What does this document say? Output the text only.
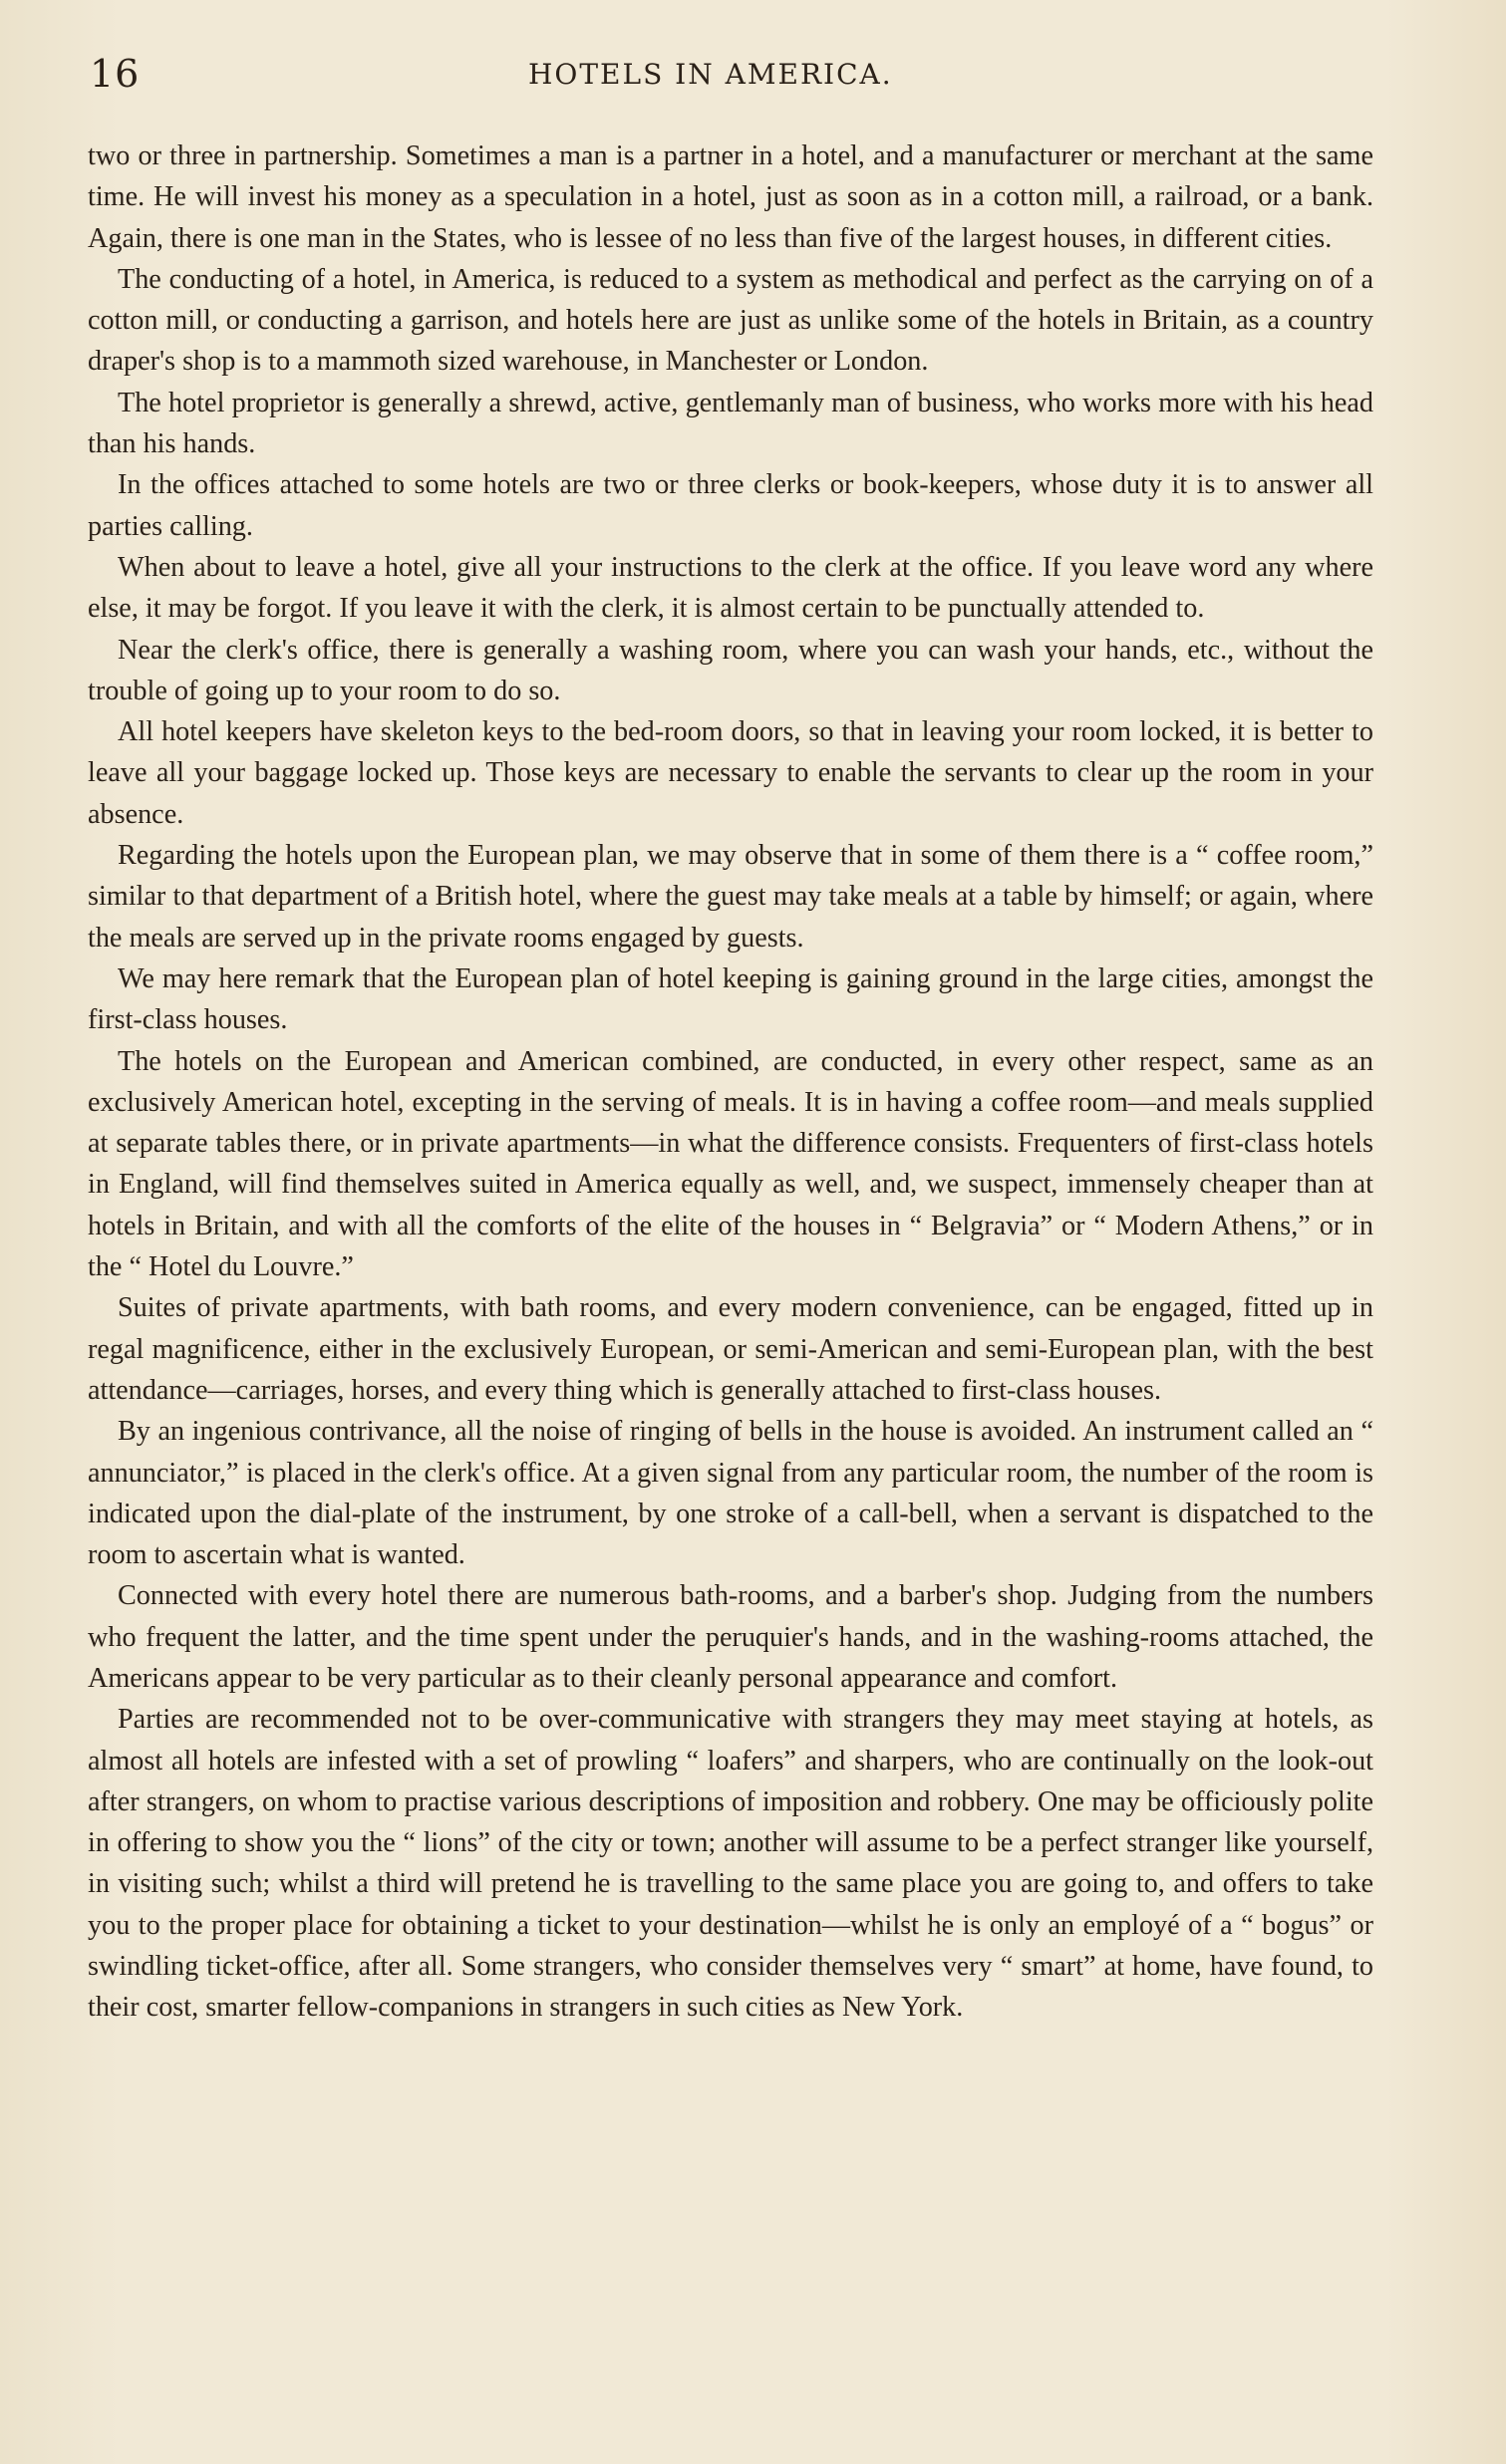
16	HOTELS IN AMERICA.

two or three in partnership. Sometimes a man is a partner in a hotel, and a manufacturer or merchant at the same time. He will invest his money as a speculation in a hotel, just as soon as in a cotton mill, a railroad, or a bank. Again, there is one man in the States, who is lessee of no less than five of the largest houses, in different cities.

The conducting of a hotel, in America, is reduced to a system as methodical and perfect as the carrying on of a cotton mill, or conducting a garrison, and hotels here are just as unlike some of the hotels in Britain, as a country draper's shop is to a mammoth sized warehouse, in Manchester or London.

The hotel proprietor is generally a shrewd, active, gentlemanly man of business, who works more with his head than his hands.

In the offices attached to some hotels are two or three clerks or book-keepers, whose duty it is to answer all parties calling.

When about to leave a hotel, give all your instructions to the clerk at the office. If you leave word any where else, it may be forgot. If you leave it with the clerk, it is almost certain to be punctually attended to.

Near the clerk's office, there is generally a washing room, where you can wash your hands, etc., without the trouble of going up to your room to do so.

All hotel keepers have skeleton keys to the bed-room doors, so that in leaving your room locked, it is better to leave all your baggage locked up. Those keys are necessary to enable the servants to clear up the room in your absence.

Regarding the hotels upon the European plan, we may observe that in some of them there is a “ coffee room,” similar to that department of a British hotel, where the guest may take meals at a table by himself; or again, where the meals are served up in the private rooms engaged by guests.

We may here remark that the European plan of hotel keeping is gaining ground in the large cities, amongst the first-class houses.

The hotels on the European and American combined, are conducted, in every other respect, same as an exclusively American hotel, excepting in the serving of meals. It is in having a coffee room—and meals supplied at separate tables there, or in private apartments—in what the difference consists. Frequenters of first-class hotels in England, will find themselves suited in America equally as well, and, we suspect, immensely cheaper than at hotels in Britain, and with all the comforts of the elite of the houses in “ Belgravia” or “ Modern Athens,” or in the “ Hotel du Louvre.”

Suites of private apartments, with bath rooms, and every modern convenience, can be engaged, fitted up in regal magnificence, either in the exclusively European, or semi-American and semi-European plan, with the best attendance—carriages, horses, and every thing which is generally attached to first-class houses.

By an ingenious contrivance, all the noise of ringing of bells in the house is avoided. An instrument called an “ annunciator,” is placed in the clerk's office. At a given signal from any particular room, the number of the room is indicated upon the dial-plate of the instrument, by one stroke of a call-bell, when a servant is dispatched to the room to ascertain what is wanted.

Connected with every hotel there are numerous bath-rooms, and a barber's shop. Judging from the numbers who frequent the latter, and the time spent under the peruquier's hands, and in the washing-rooms attached, the Americans appear to be very particular as to their cleanly personal appearance and comfort.

Parties are recommended not to be over-communicative with strangers they may meet staying at hotels, as almost all hotels are infested with a set of prowling “ loafers” and sharpers, who are continually on the look-out after strangers, on whom to practise various descriptions of imposition and robbery. One may be officiously polite in offering to show you the “ lions” of the city or town; another will assume to be a perfect stranger like yourself, in visiting such; whilst a third will pretend he is travelling to the same place you are going to, and offers to take you to the proper place for obtaining a ticket to your destination—whilst he is only an employé of a “ bogus” or swindling ticket-office, after all. Some strangers, who consider themselves very “ smart” at home, have found, to their cost, smarter fellow-companions in strangers in such cities as New York.
